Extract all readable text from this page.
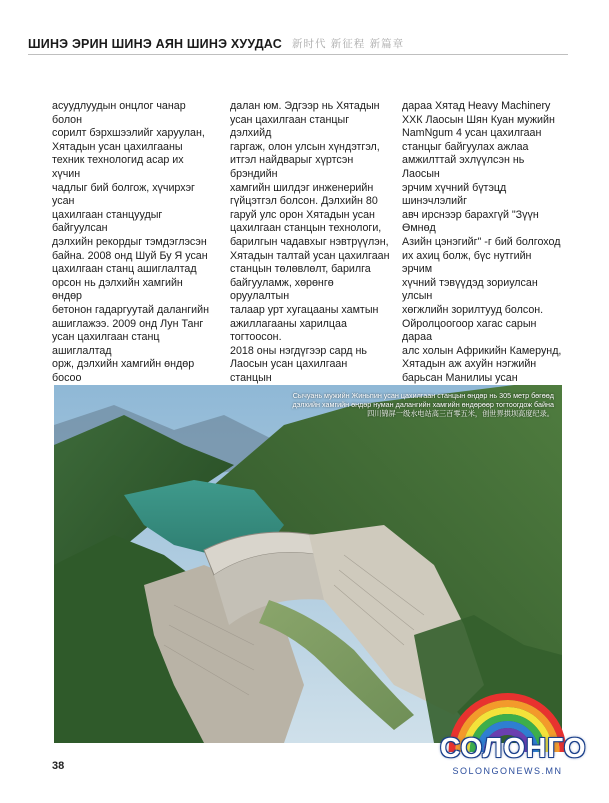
ШИНЭ ЭРИН ШИНЭ АЯН ШИНЭ ХУУДАС 新时代 新征程 新篇章
асуудлуудын онцлог чанар болон
сорилт бэрхшээлийг харуулан,
Хятадын усан цахилгааны
техник технологид асар их хүчин
чадлыг бий болгож, хүчирхэг усан
цахилгаан станцуудыг байгуулсан
дэлхийн рекордыг тэмдэглэсэн
байна. 2008 онд Шуй Бу Я усан
цахилгаан станц ашиглалтад
орсон нь дэлхийн хамгийн өндөр
бетонон гадаргуутай далангийн
ашиглажээ. 2009 онд Лун Танг
усан цахилгаан станц ашиглалтад
орж, дэлхийн хамгийн өндөр босоо

далан юм. Эдгээр нь Хятадын
усан цахилгаан станцыг дэлхийд
гаргаж, олон улсын хүндэтгэл,
итгэл найдварыг хүртсэн брэндийн
хамгийн шилдэг инженерийн
гүйцэтгэл болсон. Дэлхийн 80
гаруй улс орон Хятадын усан
цахилгаан станцын технологи,
барилгын чадавхыг нэвтрүүлэн,
Хятадын талтай усан цахилгаан
станцын төлөвлөлт, барилга
байгууламж, хөрөнгө оруулалтын
талаар урт хугацааны хамтын
ажиллагааны харилцаа тогтоосон.
2018 оны нэгдүгээр сард нь
Лаосын усан цахилгаан станцын

дараа Хятад Heavy Machinery
ХХК Лаосын Шян Куан мужийн
NamNgum 4 усан цахилгаан
станцыг байгуулах ажлаа
амжилттай эхлүүлсэн нь Лаосын
эрчим хүчний бүтэцд шинэчлэлийг
авч ирснээр барахгүй "Зүүн Өмнөд
Азийн цэнэгийг" -г бий болгоход
их ахиц болж, бүс нутгийн эрчим
хүчний тэвүүдэд зориулсан улсын
хөгжлийн зорилтууд болсон.
Ойролцоогоор хагас сарын дараа
алс холын Африкийн Камерунд,
Хятадын аж ахуйн нэгжийн
барьсан Манилиы усан

Сычуань мужийн Жиньпин усан цахилгаан станцын өндөр нь 305 метр бөгөөд
дэлхийн хамгийн өндөр нуман далангийн хамгийн өндөрөөр тогтоогдож байна
四川锦屏一级水电站高三百零五米，创世界拱坝高度纪录。
СОЛОНГО
SOLONGONEWS.MN
38
